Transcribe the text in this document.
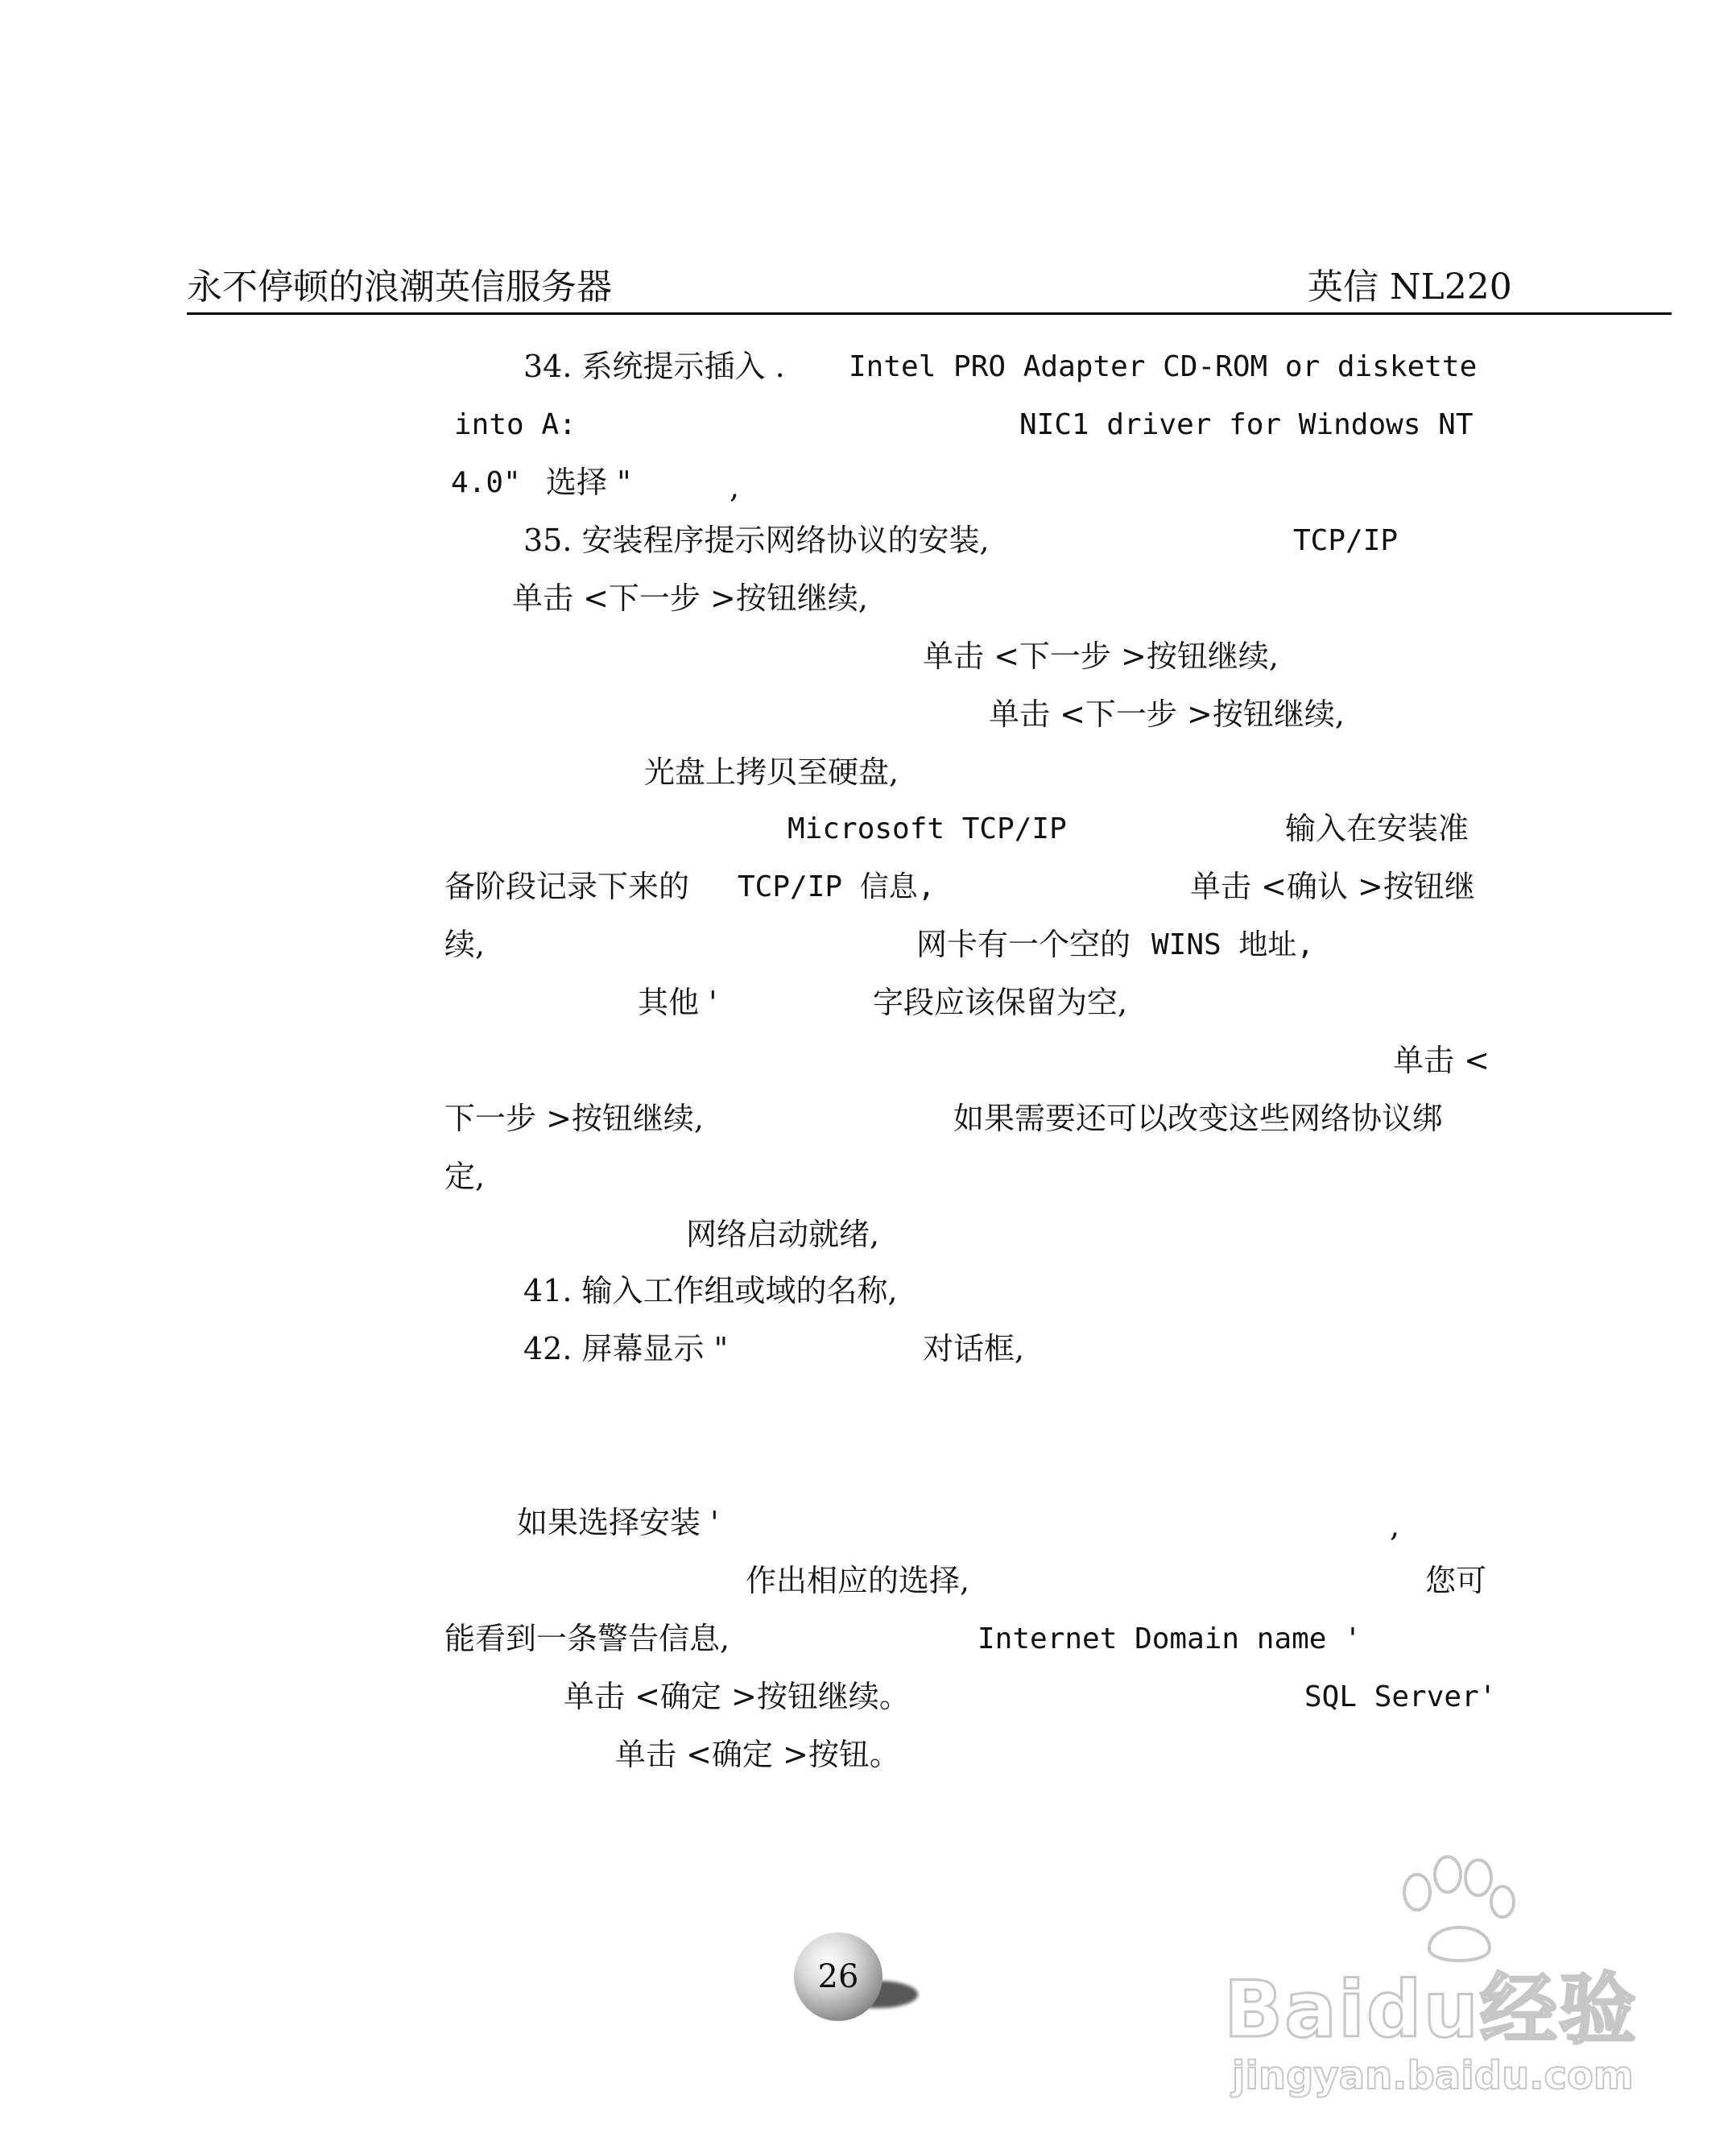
永不停顿的浪潮英信服务器	英信 NL220
34. 系统提示插入 . Intel PRO Adapter CD-ROM or diskette
into A:	NIC1 driver for Windows NT
4.0" 选择 "	,
35. 安装程序提示网络协议的安装,	TCP/IP
单击 <下一步 >按钮继续,
单击 <下一步 >按钮继续,
单击 <下一步 >按钮继续,
光盘上拷贝至硬盘,
Microsoft TCP/IP	输入在安装准
备阶段记录下来的 TCP/IP 信息,	单击 <确认 >按钮继
续,	网卡有一个空的 WINS 地址,
其他 '	字段应该保留为空,
单击 <
下一步 >按钮继续,	如果需要还可以改变这些网络协议绑
定,
网络启动就绪,
41. 输入工作组或域的名称,
42. 屏幕显示 "	对话框,
如果选择安装 '	,
作出相应的选择,	您可
能看到一条警告信息,	Internet Domain name '
单击 <确定 >按钮继续。	SQL Server'
单击 <确定 >按钮。
26	Baidu经验
jingyan.baidu.com
